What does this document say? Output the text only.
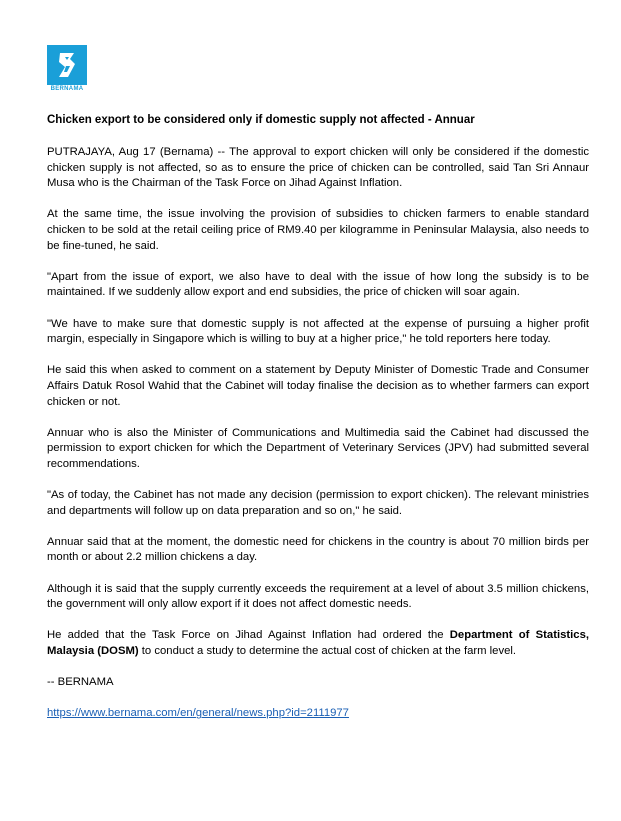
BERNAMA
Chicken export to be considered only if domestic supply not affected - Annuar

PUTRAJAYA, Aug 17 (Bernama) -- The approval to export chicken will only be considered if the domestic chicken supply is not affected, so as to ensure the price of chicken can be controlled, said Tan Sri Annaur Musa who is the Chairman of the Task Force on Jihad Against Inflation.

At the same time, the issue involving the provision of subsidies to chicken farmers to enable standard chicken to be sold at the retail ceiling price of RM9.40 per kilogramme in Peninsular Malaysia, also needs to be fine-tuned, he said.

"Apart from the issue of export, we also have to deal with the issue of how long the subsidy is to be maintained. If we suddenly allow export and end subsidies, the price of chicken will soar again.

"We have to make sure that domestic supply is not affected at the expense of pursuing a higher profit margin, especially in Singapore which is willing to buy at a higher price," he told reporters here today.

He said this when asked to comment on a statement by Deputy Minister of Domestic Trade and Consumer Affairs Datuk Rosol Wahid that the Cabinet will today finalise the decision as to whether farmers can export chicken or not.

Annuar who is also the Minister of Communications and Multimedia said the Cabinet had discussed the permission to export chicken for which the Department of Veterinary Services (JPV) had submitted several recommendations.

"As of today, the Cabinet has not made any decision (permission to export chicken). The relevant ministries and departments will follow up on data preparation and so on," he said.

Annuar said that at the moment, the domestic need for chickens in the country is about 70 million birds per month or about 2.2 million chickens a day.

Although it is said that the supply currently exceeds the requirement at a level of about 3.5 million chickens, the government will only allow export if it does not affect domestic needs.

He added that the Task Force on Jihad Against Inflation had ordered the Department of Statistics, Malaysia (DOSM) to conduct a study to determine the actual cost of chicken at the farm level.

-- BERNAMA

https://www.bernama.com/en/general/news.php?id=2111977
